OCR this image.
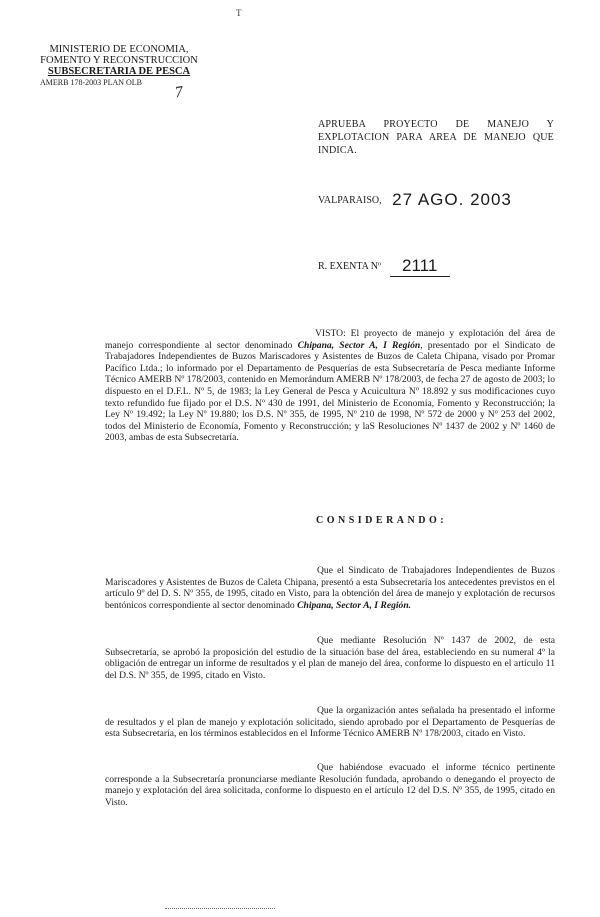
T
MINISTERIO DE ECONOMIA,
FOMENTO Y RECONSTRUCCION
SUBSECRETARIA DE PESCA
AMERB 178-2003 PLAN OLB
7
APRUEBA PROYECTO DE MANEJO Y EXPLOTACION PARA AREA DE MANEJO QUE INDICA.
VALPARAISO, 27 AGO. 2003
R. EXENTA Nº 2111
VISTO: El proyecto de manejo y explotación del área de manejo correspondiente al sector denominado Chipana, Sector A, I Región, presentado por el Sindicato de Trabajadores Independientes de Buzos Mariscadores y Asistentes de Buzos de Caleta Chipana, visado por Promar Pacífico Ltda.; lo informado por el Departamento de Pesquerías de esta Subsecretaría de Pesca mediante Informe Técnico AMERB Nº 178/2003, contenido en Memorándum AMERB Nº 178/2003, de fecha 27 de agosto de 2003; lo dispuesto en el D.F.L. Nº 5, de 1983; la Ley General de Pesca y Acuicultura Nº 18.892 y sus modificaciones cuyo texto refundido fue fijado por el D.S. Nº 430 de 1991, del Ministerio de Economía, Fomento y Reconstrucción; la Ley Nº 19.492; la Ley Nº 19.880; los D.S. Nº 355, de 1995, Nº 210 de 1998, Nº 572 de 2000 y Nº 253 del 2002, todos del Ministerio de Economía, Fomento y Reconstrucción; y laS Resoluciones Nº 1437 de 2002 y Nº 1460 de 2003, ambas de esta Subsecretaría.
CONSIDERANDO:
Que el Sindicato de Trabajadores Independientes de Buzos Mariscadores y Asistentes de Buzos de Caleta Chipana, presentó a esta Subsecretaría los antecedentes previstos en el artículo 9º del D. S. Nº 355, de 1995, citado en Visto, para la obtención del área de manejo y explotación de recursos bentónicos correspondiente al sector denominado Chipana, Sector A, I Región.
Que mediante Resolución Nº 1437 de 2002, de esta Subsecretaría, se aprobó la proposición del estudio de la situación base del área, estableciendo en su numeral 4º la obligación de entregar un informe de resultados y el plan de manejo del área, conforme lo dispuesto en el artículo 11 del D.S. Nº 355, de 1995, citado en Visto.
Que la organización antes señalada ha presentado el informe de resultados y el plan de manejo y explotación solicitado, siendo aprobado por el Departamento de Pesquerías de esta Subsecretaría, en los términos establecidos en el Informe Técnico AMERB Nº 178/2003, citado en Visto.
Que habiéndose evacuado el informe técnico pertinente corresponde a la Subsecretaría pronunciarse mediante Resolución fundada, aprobando o denegando el proyecto de manejo y explotación del área solicitada, conforme lo dispuesto en el artículo 12 del D.S. Nº 355, de 1995, citado en Visto.
